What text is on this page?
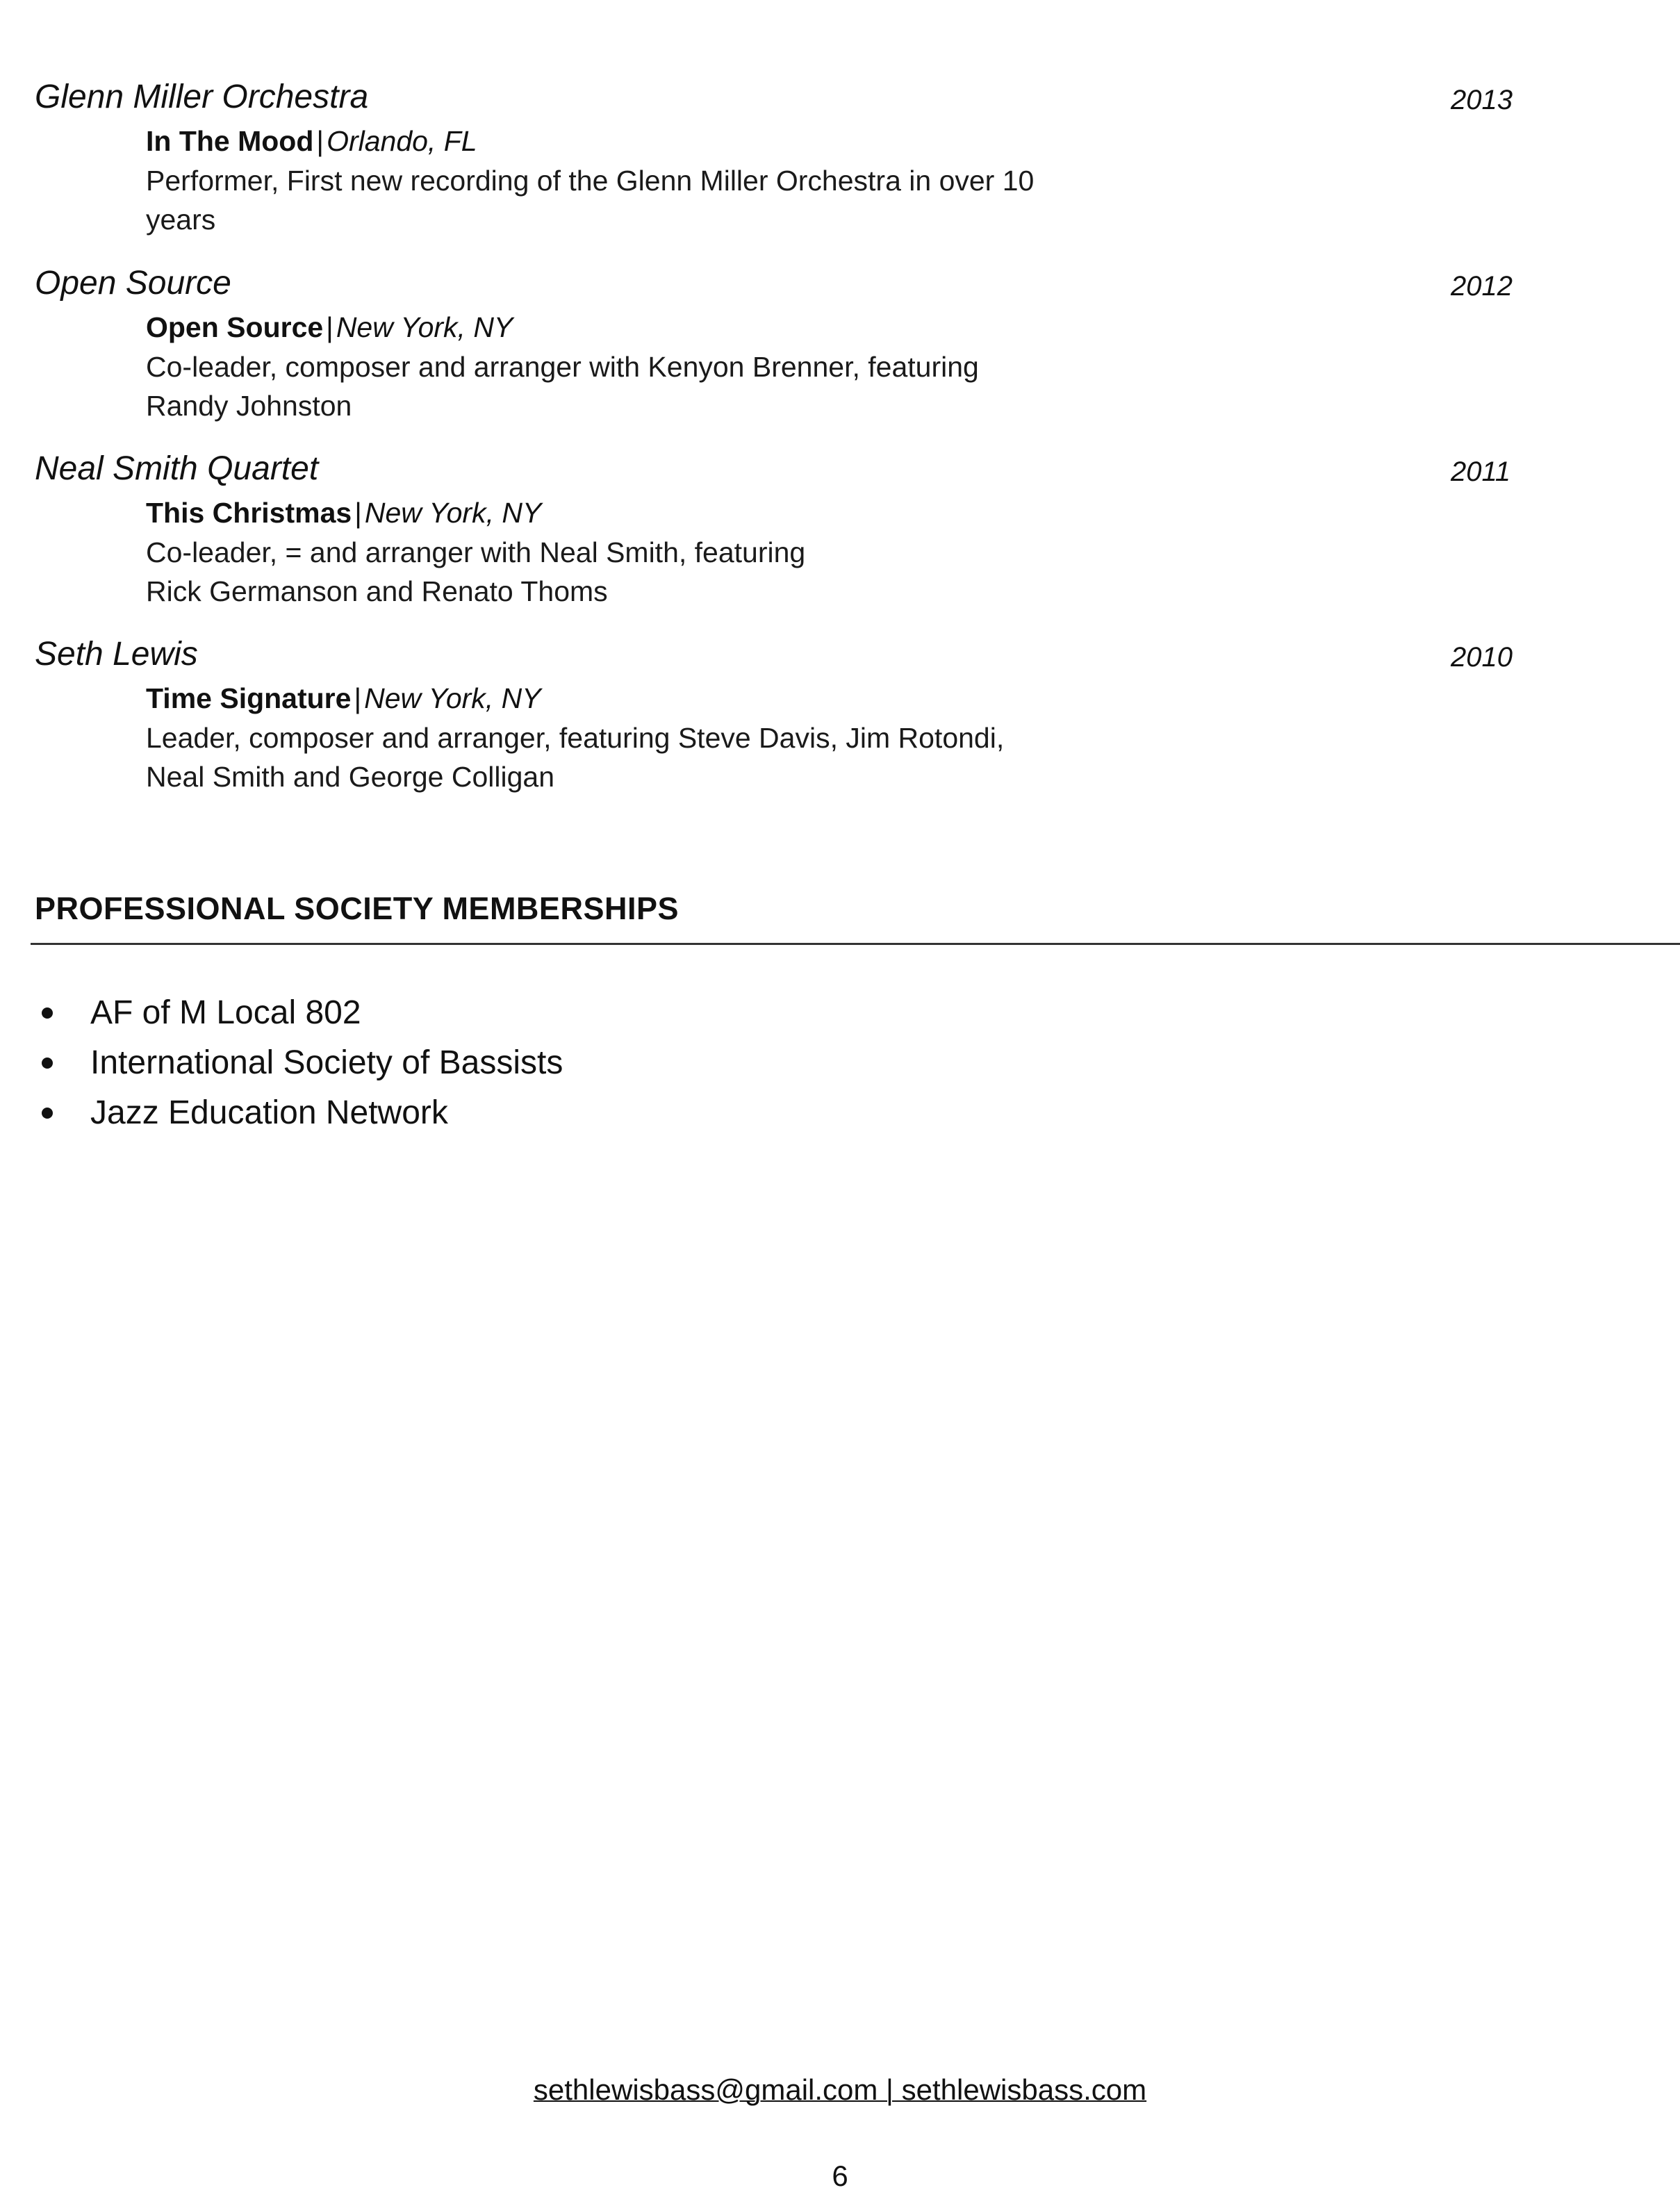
Glenn Miller Orchestra	2013
In The Mood|Orlando, FL

Performer, First new recording of the Glenn Miller Orchestra in over 10
years

Open Source	2012
Open Source|New York, NY

Co-leader, composer and arranger with Kenyon Brenner, featuring
Randy Johnston

Neal Smith Quartet	2011
This Christmas|New York, NY

Co-leader, = and arranger with Neal Smith, featuring
Rick Germanson and Renato Thoms

Seth Lewis	2010
Time Signature|New York, NY

Leader, composer and arranger, featuring Steve Davis, Jim Rotondi,
Neal Smith and George Colligan

PROFESSIONAL SOCIETY MEMBERSHIPS
AF of M Local 802
International Society of Bassists
Jazz Education Network
sethlewisbass@gmail.com | sethlewisbass.com
6
